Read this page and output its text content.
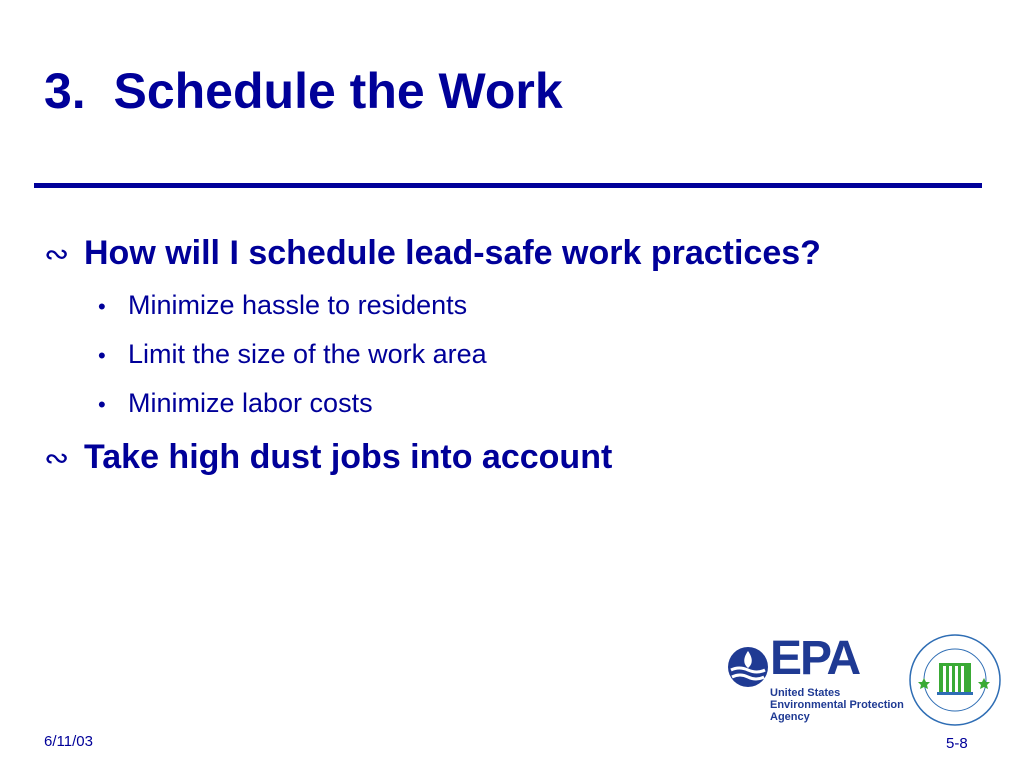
3.  Schedule the Work
∾ How will I schedule lead-safe work practices?
• Minimize hassle to residents
• Limit the size of the work area
• Minimize labor costs
∾ Take high dust jobs into account
EPA
United States
Environmental Protection
Agency
6/11/03	5-8
